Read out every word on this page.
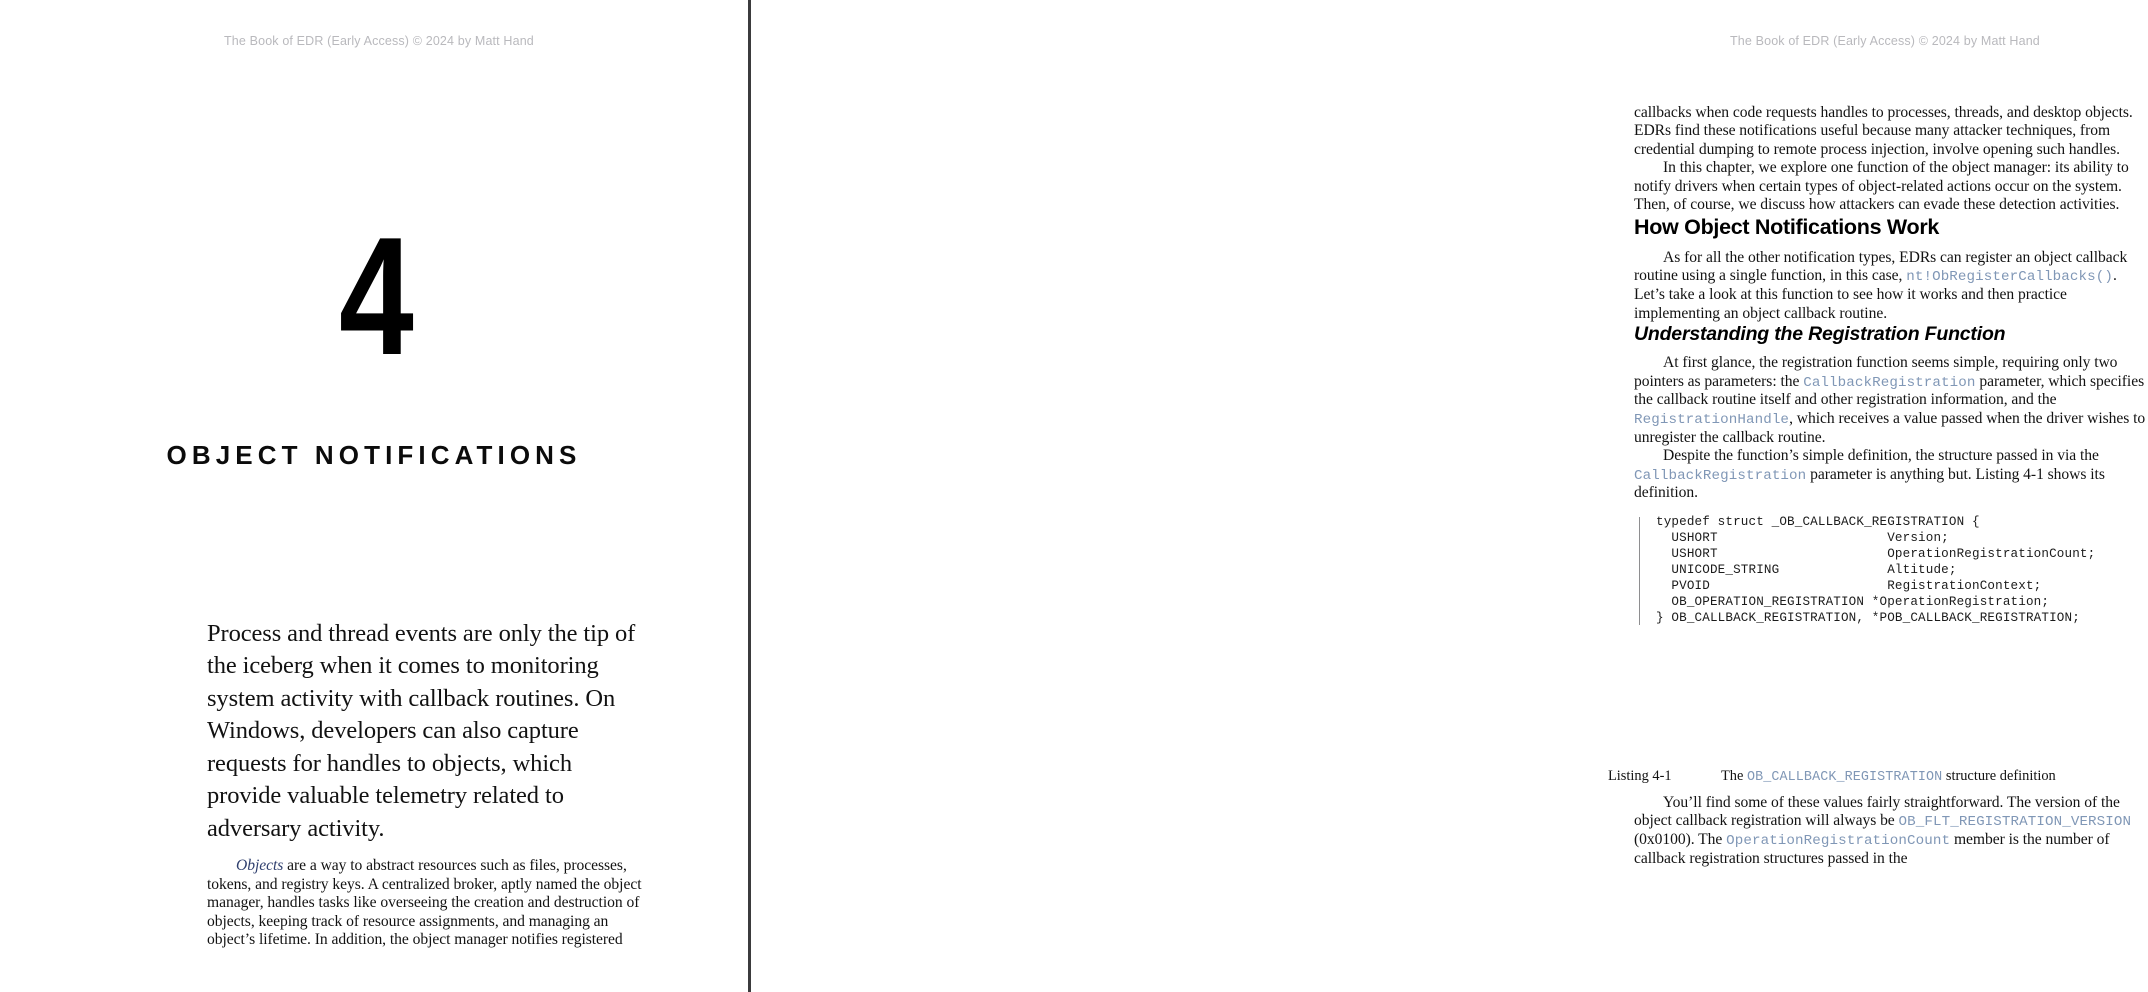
The Book of EDR (Early Access) © 2024 by Matt Hand
4
OBJECT NOTIFICATIONS

Process and thread events are only the tip of the iceberg when it comes to monitoring system activity with callback routines. On Windows, developers can also capture requests for handles to objects, which provide valuable telemetry related to adversary activity.

Objects are a way to abstract resources such as files, processes, tokens, and registry keys. A centralized broker, aptly named the object manager, handles tasks like overseeing the creation and destruction of objects, keeping track of resource assignments, and managing an object’s lifetime. In addition, the object manager notifies registered

The Book of EDR (Early Access) © 2024 by Matt Hand

callbacks when code requests handles to processes, threads, and desktop objects. EDRs find these notifications useful because many attacker techniques, from credential dumping to remote process injection, involve opening such handles.

In this chapter, we explore one function of the object manager: its ability to notify drivers when certain types of object-related actions occur on the system. Then, of course, we discuss how attackers can evade these detection activities.

How Object Notifications Work

As for all the other notification types, EDRs can register an object callback routine using a single function, in this case, nt!ObRegisterCallbacks(). Let’s take a look at this function to see how it works and then practice implementing an object callback routine.

Understanding the Registration Function

At first glance, the registration function seems simple, requiring only two pointers as parameters: the CallbackRegistration parameter, which specifies the callback routine itself and other registration information, and the RegistrationHandle, which receives a value passed when the driver wishes to unregister the callback routine.

Despite the function’s simple definition, the structure passed in via the CallbackRegistration parameter is anything but. Listing 4-1 shows its definition.

typedef struct _OB_CALLBACK_REGISTRATION {
USHORT                      Version;
USHORT                      OperationRegistrationCount;
UNICODE_STRING              Altitude;
PVOID                       RegistrationContext;
OB_OPERATION_REGISTRATION *OperationRegistration;
} OB_CALLBACK_REGISTRATION, *POB_CALLBACK_REGISTRATION;
Listing 4-1	The OB_CALLBACK_REGISTRATION structure definition

You’ll find some of these values fairly straightforward. The version of the object callback registration will always be OB_FLT_REGISTRATION_VERSION (0x0100). The OperationRegistrationCount member is the number of callback registration structures passed in the
